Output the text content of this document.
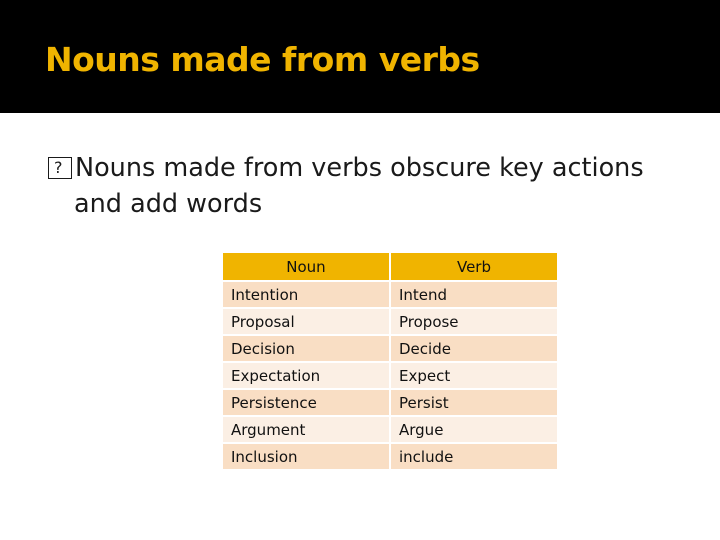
Nouns made from verbs
?Nouns made from verbs obscure key actions
and add words
Noun	Verb
Intention	Intend
Proposal	Propose
Decision	Decide
Expectation	Expect
Persistence	Persist
Argument	Argue
Inclusion	include
